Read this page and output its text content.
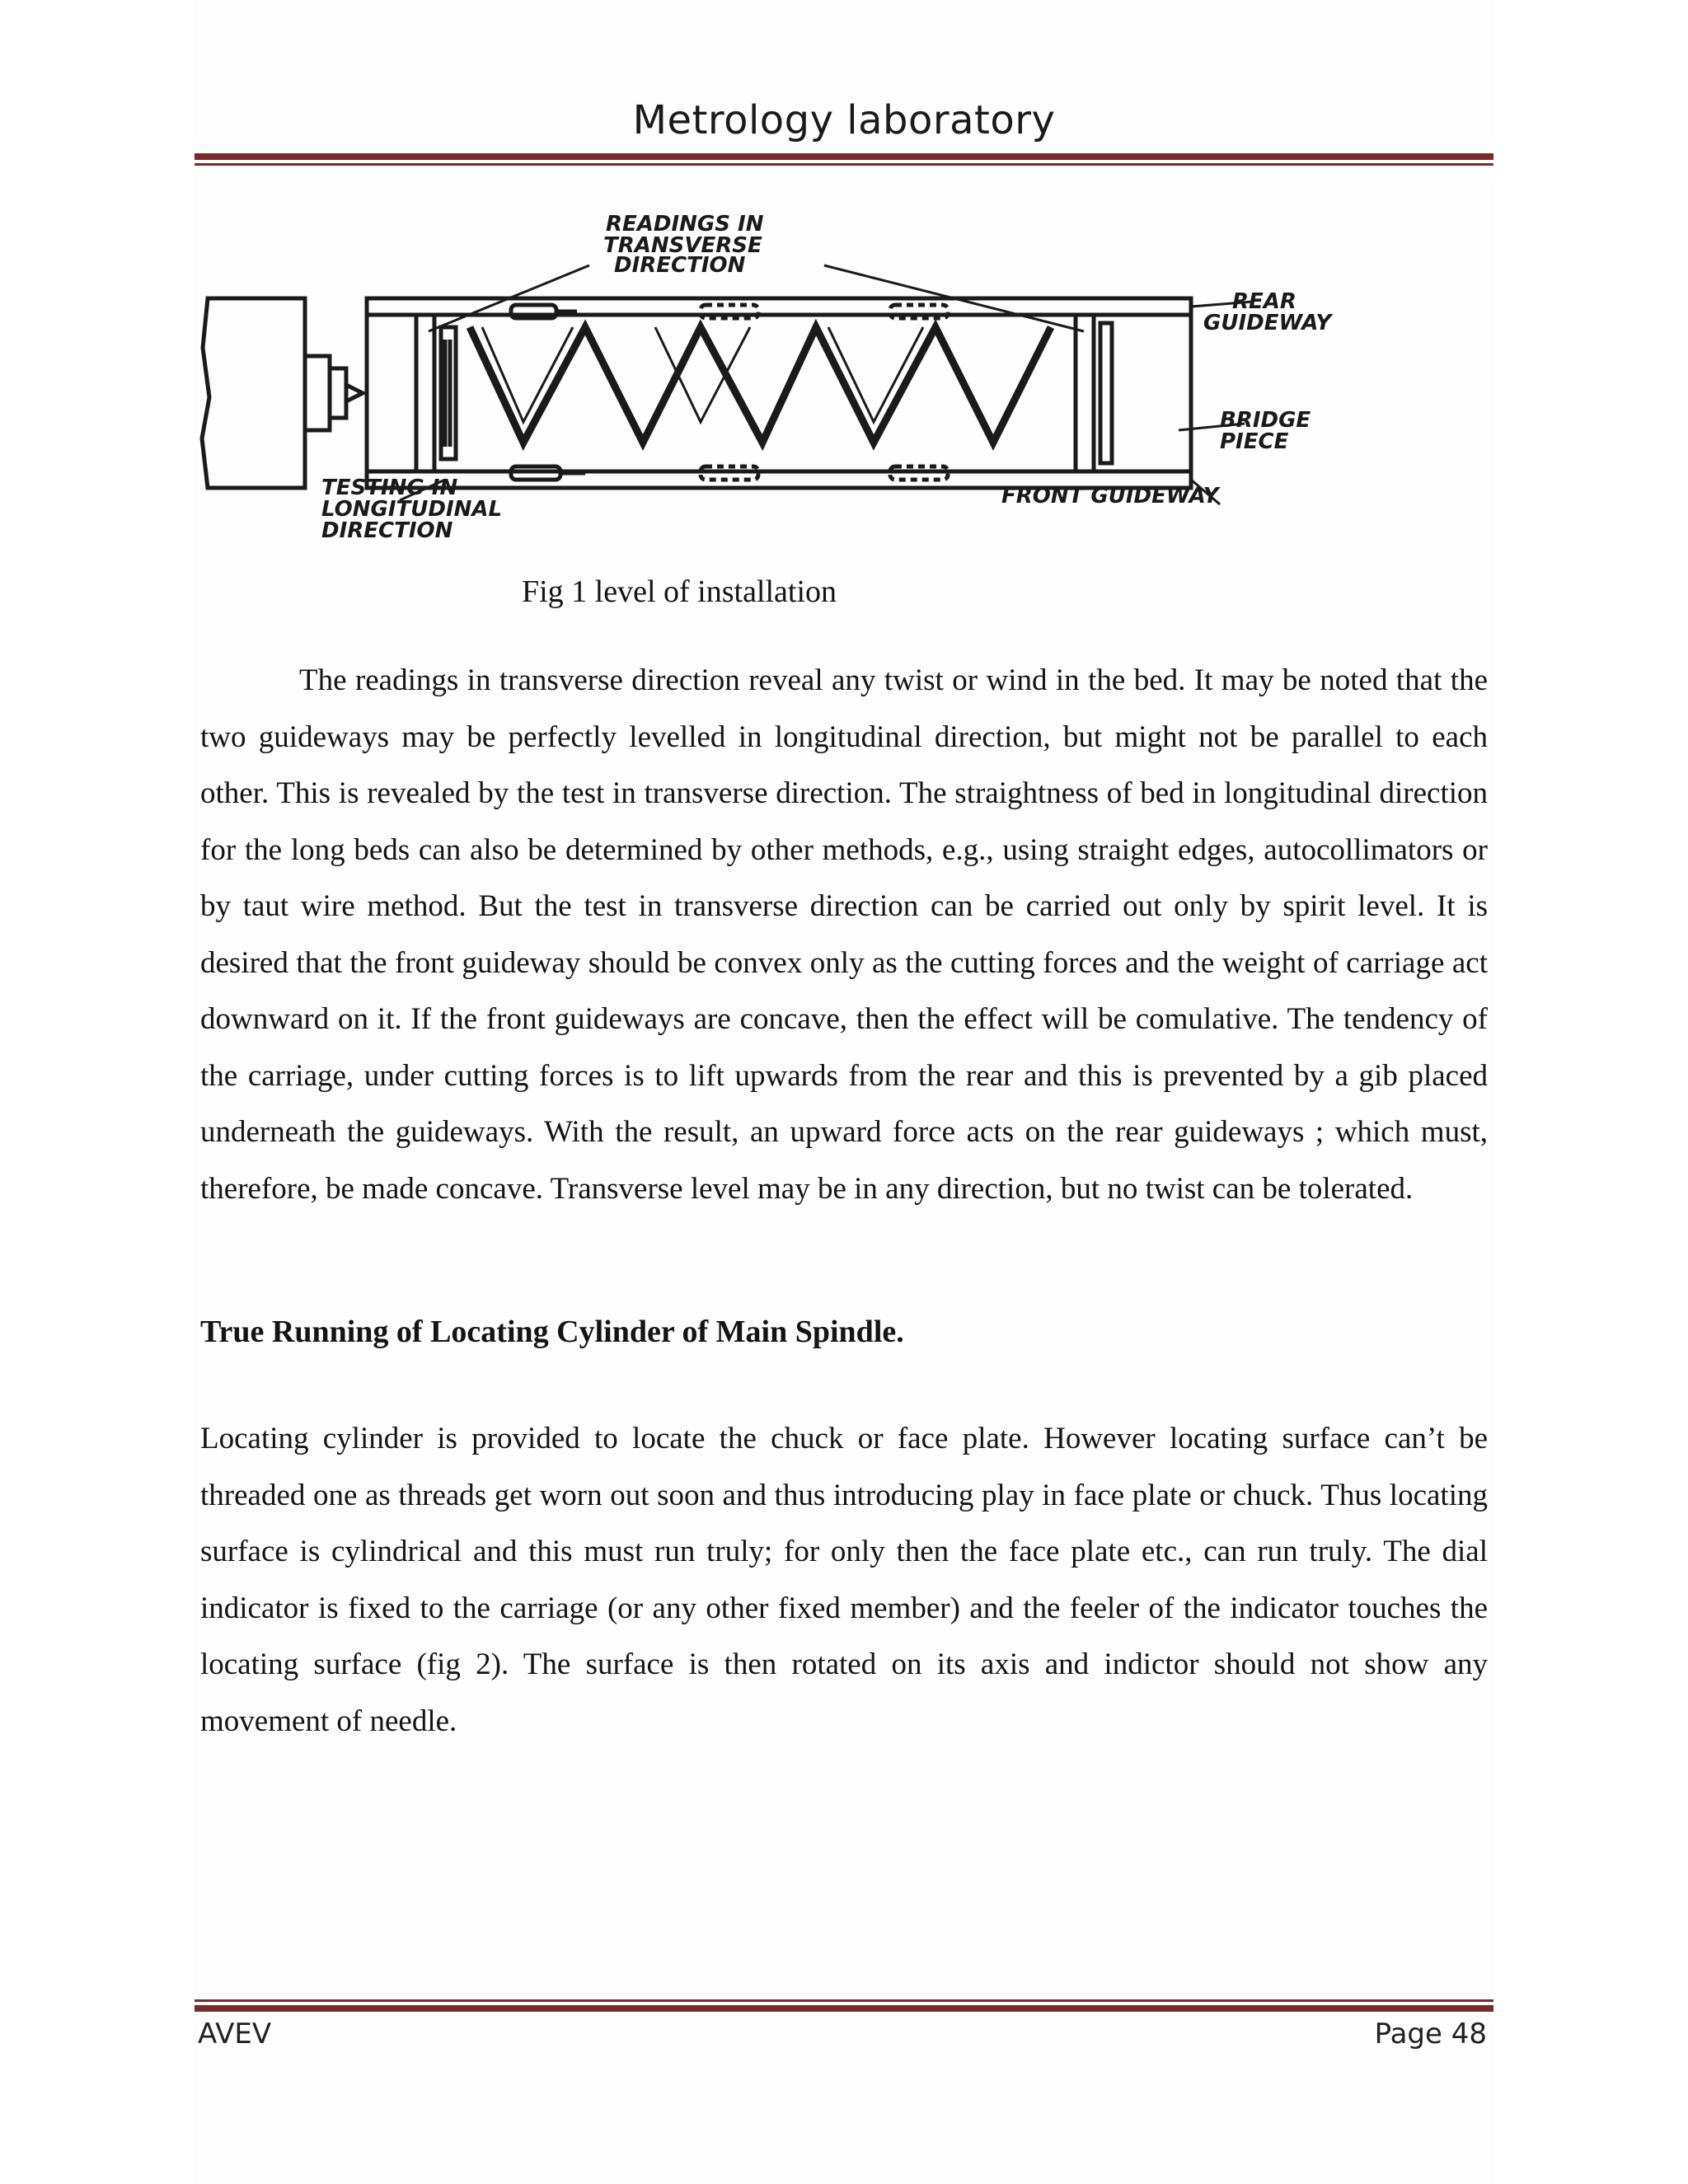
Metrology laboratory
READINGS IN
TRANSVERSE
DIRECTION
REAR
GUIDEWAY
BRIDGE
PIECE
FRONT GUIDEWAY
TESTING IN
LONGITUDINAL
DIRECTION
Fig 1 level of installation

The readings in transverse direction reveal any twist or wind in the bed. It may be noted that the two guideways may be perfectly levelled in longitudinal direction, but might not be parallel to each other. This is revealed by the test in transverse direction. The straightness of bed in longitudinal direction for the long beds can also be determined by other methods, e.g., using straight edges, autocollimators or by taut wire method. But the test in transverse direction can be carried out only by spirit level. It is desired that the front guideway should be convex only as the cutting forces and the weight of carriage act downward on it. If the front guideways are concave, then the effect will be comulative. The tendency of the carriage, under cutting forces is to lift upwards from the rear and this is prevented by a gib placed underneath the guideways. With the result, an upward force acts on the rear guideways ; which must, therefore, be made concave. Transverse level may be in any direction, but no twist can be tolerated.

True Running of Locating Cylinder of Main Spindle.

Locating cylinder is provided to locate the chuck or face plate. However locating surface can’t be threaded one as threads get worn out soon and thus introducing play in face plate or chuck. Thus locating surface is cylindrical and this must run truly; for only then the face plate etc., can run truly. The dial indicator is fixed to the carriage (or any other fixed member) and the feeler of the indicator touches the locating surface (fig 2). The surface is then rotated on its axis and indictor should not show any movement of needle.

AVEV	Page 48
